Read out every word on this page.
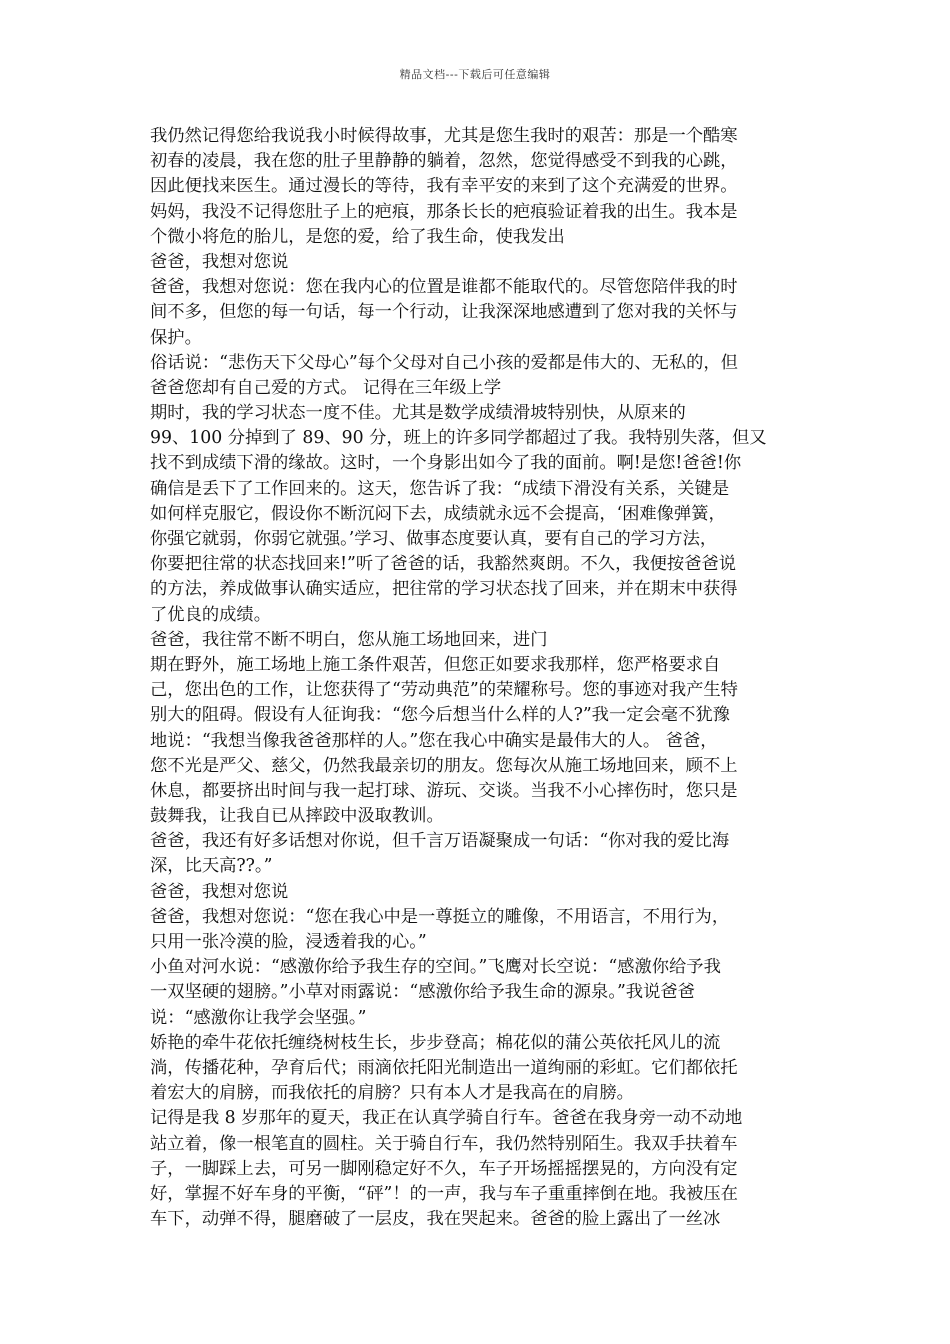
精品文档---下载后可任意编辑
我仍然记得您给我说我小时候得故事，尤其是您生我时的艰苦：那是一个酷寒
初春的凌晨，我在您的肚子里静静的躺着，忽然，您觉得感受不到我的心跳，
因此便找来医生。通过漫长的等待，我有幸平安的来到了这个充满爱的世界。
妈妈，我没不记得您肚子上的疤痕，那条长长的疤痕验证着我的出生。我本是
个微小将危的胎儿，是您的爱，给了我生命，使我发出
爸爸，我想对您说
爸爸，我想对您说：您在我内心的位置是谁都不能取代的。尽管您陪伴我的时
间不多，但您的每一句话，每一个行动，让我深深地感遭到了您对我的关怀与
保护。
俗话说：“悲伤天下父母心”每个父母对自己小孩的爱都是伟大的、无私的，但
爸爸您却有自己爱的方式。 记得在三年级上学
期时，我的学习状态一度不佳。尤其是数学成绩滑坡特别快，从原来的
99、100 分掉到了 89、90 分，班上的许多同学都超过了我。我特别失落，但又
找不到成绩下滑的缘故。这时，一个身影出如今了我的面前。啊!是您!爸爸!你
确信是丢下了工作回来的。这天，您告诉了我：“成绩下滑没有关系，关键是
如何样克服它，假设你不断沉闷下去，成绩就永远不会提高，‘困难像弹簧，
你强它就弱，你弱它就强。’学习、做事态度要认真，要有自己的学习方法，
你要把往常的状态找回来!”听了爸爸的话，我豁然爽朗。不久，我便按爸爸说
的方法，养成做事认确实适应，把往常的学习状态找了回来，并在期末中获得
了优良的成绩。
爸爸，我往常不断不明白，您从施工场地回来，进门
期在野外，施工场地上施工条件艰苦，但您正如要求我那样，您严格要求自
己，您出色的工作，让您获得了“劳动典范”的荣耀称号。您的事迹对我产生特
别大的阻碍。假设有人征询我：“您今后想当什么样的人?”我一定会毫不犹豫
地说：“我想当像我爸爸那样的人。”您在我心中确实是最伟大的人。 爸爸，
您不光是严父、慈父，仍然我最亲切的朋友。您每次从施工场地回来，顾不上
休息，都要挤出时间与我一起打球、游玩、交谈。当我不小心摔伤时，您只是
鼓舞我，让我自已从摔跤中汲取教训。
爸爸，我还有好多话想对你说，但千言万语凝聚成一句话：“你对我的爱比海
深，比天高??。”
爸爸，我想对您说
爸爸，我想对您说：“您在我心中是一尊挺立的雕像，不用语言，不用行为，
只用一张冷漠的脸，浸透着我的心。”
小鱼对河水说：“感激你给予我生存的空间。”飞鹰对长空说：“感激你给予我
一双坚硬的翅膀。”小草对雨露说：“感激你给予我生命的源泉。”我说爸爸
说：“感激你让我学会坚强。”
娇艳的牵牛花依托缠绕树枝生长，步步登高；棉花似的蒲公英依托风儿的流
淌，传播花种，孕育后代；雨滴依托阳光制造出一道绚丽的彩虹。它们都依托
着宏大的肩膀，而我依托的肩膀？只有本人才是我高在的肩膀。
记得是我 8 岁那年的夏天，我正在认真学骑自行车。爸爸在我身旁一动不动地
站立着，像一根笔直的圆柱。关于骑自行车，我仍然特别陌生。我双手扶着车
子，一脚踩上去，可另一脚刚稳定好不久，车子开场摇摇摆晃的，方向没有定
好，掌握不好车身的平衡，“砰”！的一声，我与车子重重摔倒在地。我被压在
车下，动弹不得，腿磨破了一层皮，我在哭起来。爸爸的脸上露出了一丝冰
